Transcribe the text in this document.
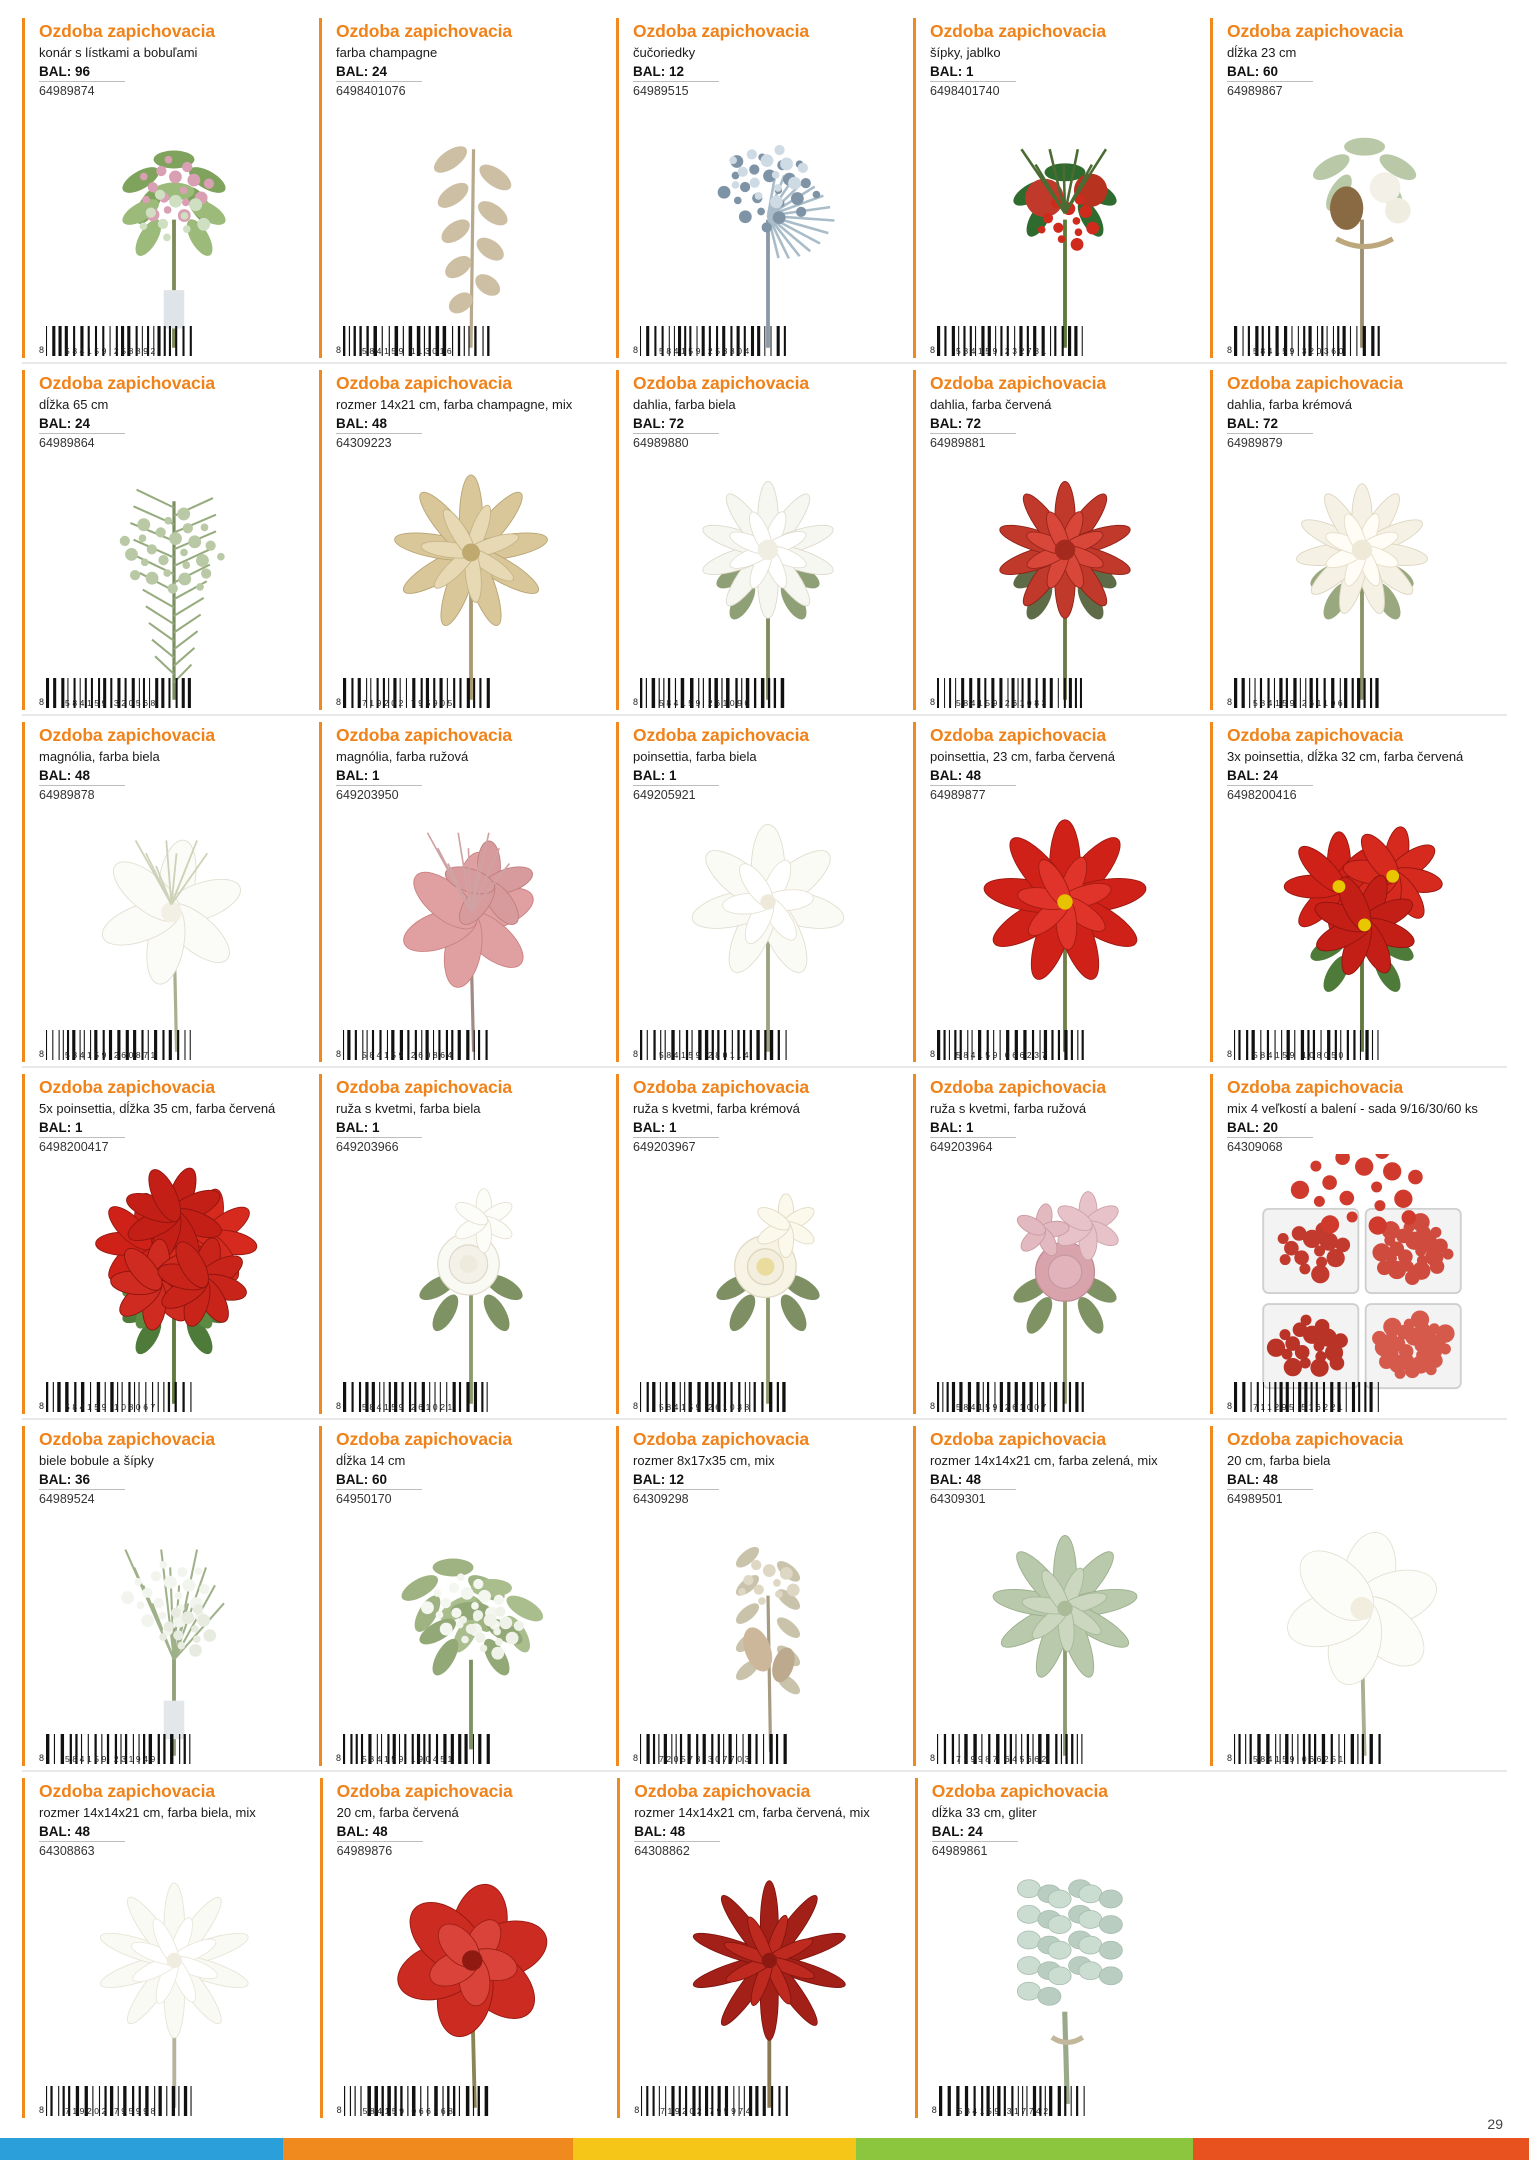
Ozdoba zapichovacia
konár s lístkami a bobuľami
BAL: 96
64989874
8 584159 258892
Ozdoba zapichovacia
farba champagne
BAL: 24
6498401076
8 584159 113016
Ozdoba zapichovacia
čučoriedky
BAL: 12
64989515
8 584159 258304
Ozdoba zapichovacia
šípky, jablko
BAL: 1
6498401740
8 584159 232731
Ozdoba zapichovacia
dĺžka 23 cm
BAL: 60
64989867
8 584159 320360
Ozdoba zapichovacia
dĺžka 65 cm
BAL: 24
64989864
8 584159 320568
Ozdoba zapichovacia
rozmer 14x21 cm, farba champagne, mix
BAL: 48
64309223
8 719202 795905
Ozdoba zapichovacia
dahlia, farba biela
BAL: 72
64989880
8 584159 261090
Ozdoba zapichovacia
dahlia, farba červená
BAL: 72
64989881
8 584159 261083
Ozdoba zapichovacia
dahlia, farba krémová
BAL: 72
64989879
8 584159 261106
Ozdoba zapichovacia
magnólia, farba biela
BAL: 48
64989878
8 584159 260871
Ozdoba zapichovacia
magnólia, farba ružová
BAL: 1
649203950
8 584159 260864
Ozdoba zapichovacia
poinsettia, farba biela
BAL: 1
649205921
8 584159 280114
Ozdoba zapichovacia
poinsettia, 23 cm, farba červená
BAL: 48
64989877
8 584159 066237
Ozdoba zapichovacia
3x poinsettia, dĺžka 32 cm, farba červená
BAL: 24
6498200416
8 584159 108050
Ozdoba zapichovacia
5x poinsettia, dĺžka 35 cm, farba červená
BAL: 1
6498200417
8 584159 108067
Ozdoba zapichovacia
ruža s kvetmi, farba biela
BAL: 1
649203966
8 584159 261021
Ozdoba zapichovacia
ruža s kvetmi, farba krémová
BAL: 1
649203967
8 584159 261038
Ozdoba zapichovacia
ruža s kvetmi, farba ružová
BAL: 1
649203964
8 584159 261007
Ozdoba zapichovacia
mix 4 veľkostí a balení - sada 9/16/30/60 ks
BAL: 20
64309068
8 711295 516221
Ozdoba zapichovacia
biele bobule a šípky
BAL: 36
64989524
8 584159 231949
Ozdoba zapichovacia
dĺžka 14 cm
BAL: 60
64950170
8 584159 190451
Ozdoba zapichovacia
rozmer 8x17x35 cm, mix
BAL: 12
64309298
8 720573 307703
Ozdoba zapichovacia
rozmer 14x14x21 cm, farba zelená, mix
BAL: 48
64309301
8 719987 645662
Ozdoba zapichovacia
20 cm, farba biela
BAL: 48
64989501
8 584159 066251
Ozdoba zapichovacia
rozmer 14x14x21 cm, farba biela, mix
BAL: 48
64308863
8 719202 795998
Ozdoba zapichovacia
20 cm, farba červená
BAL: 48
64989876
8 584159 066268
Ozdoba zapichovacia
rozmer 14x14x21 cm, farba červená, mix
BAL: 48
64308862
8 719202 795974
Ozdoba zapichovacia
dĺžka 33 cm, gliter
BAL: 24
64989861
8 584159 317742
29
